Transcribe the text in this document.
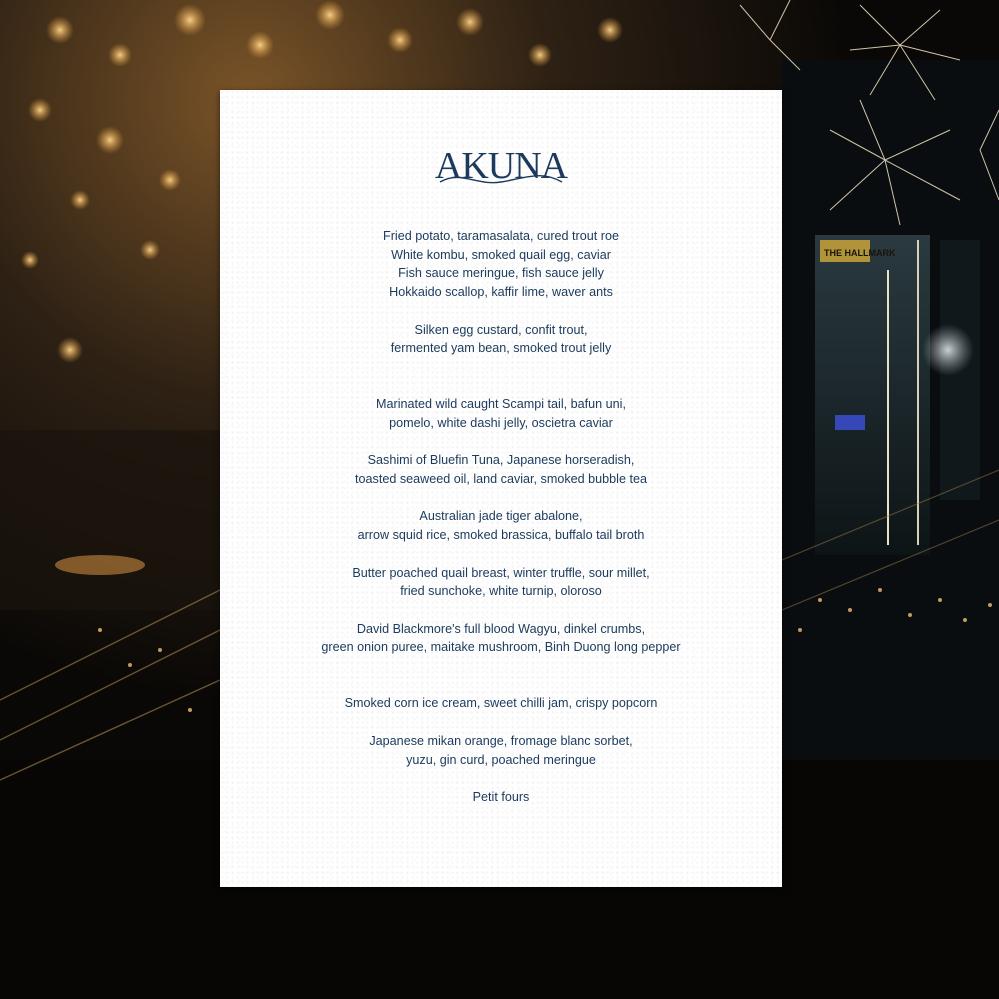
THE HALLMARK
AKUNA

Fried potato, taramasalata, cured trout roe

White kombu, smoked quail egg, caviar

Fish sauce meringue, fish sauce jelly

Hokkaido scallop, kaffir lime, waver ants

Silken egg custard, confit trout,

fermented yam bean, smoked trout jelly

Marinated wild caught Scampi tail, bafun uni,

pomelo, white dashi jelly, oscietra caviar

Sashimi of Bluefin Tuna, Japanese horseradish,

toasted seaweed oil, land caviar, smoked bubble tea

Australian jade tiger abalone,

arrow squid rice, smoked brassica, buffalo tail broth

Butter poached quail breast, winter truffle, sour millet,

fried sunchoke, white turnip, oloroso

David Blackmore's full blood Wagyu, dinkel crumbs,

green onion puree, maitake mushroom, Binh Duong long pepper

Smoked corn ice cream, sweet chilli jam, crispy popcorn

Japanese mikan orange, fromage blanc sorbet,

yuzu, gin curd, poached meringue

Petit fours
